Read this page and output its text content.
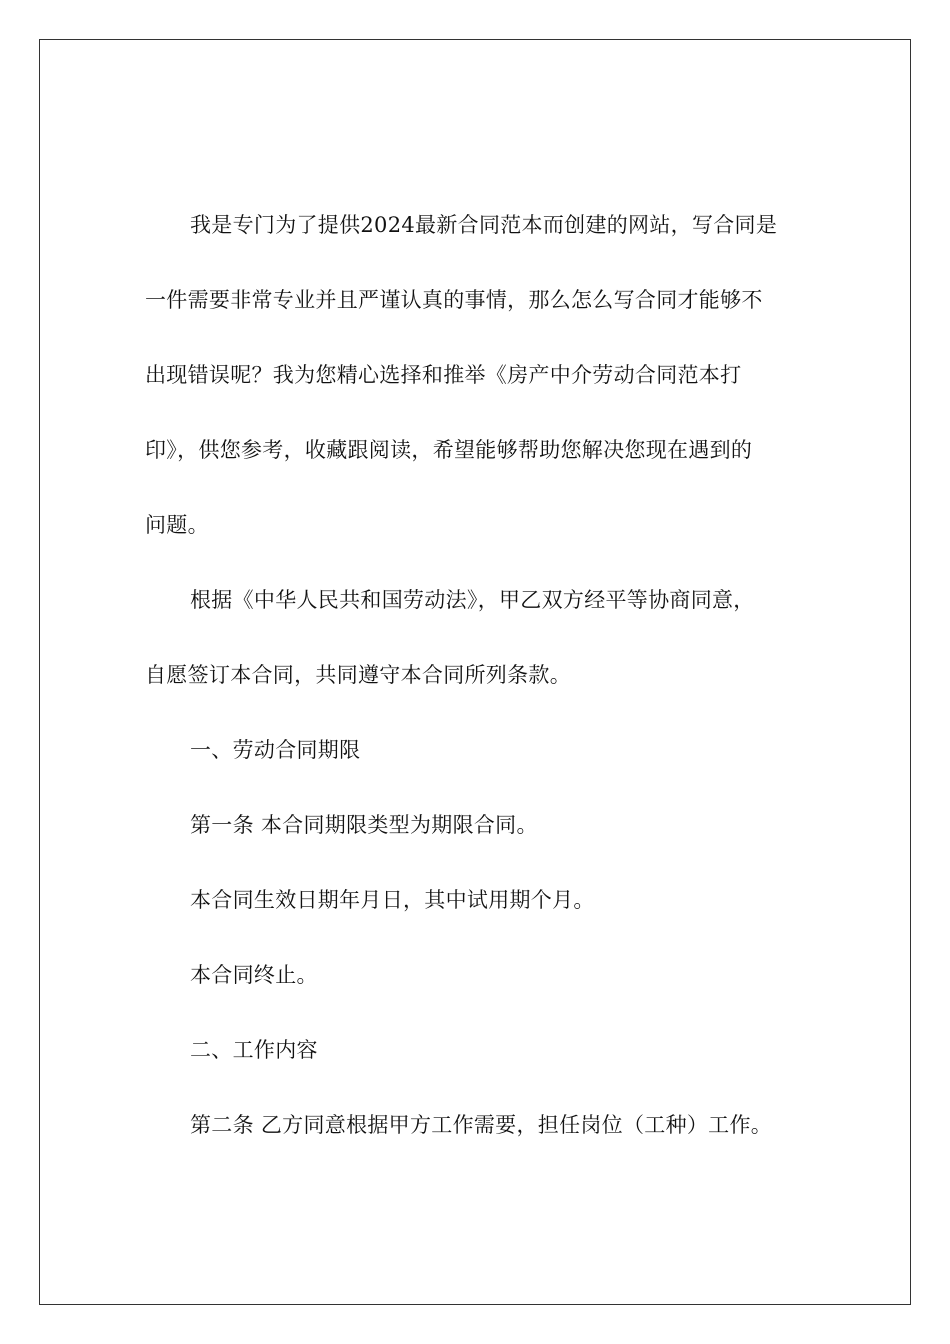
我是专门为了提供2024最新合同范本而创建的网站，写合同是
一件需要非常专业并且严谨认真的事情，那么怎么写合同才能够不
出现错误呢？我为您精心选择和推举《房产中介劳动合同范本打
印》，供您参考，收藏跟阅读，希望能够帮助您解决您现在遇到的
问题。
根据《中华人民共和国劳动法》，甲乙双方经平等协商同意，
自愿签订本合同，共同遵守本合同所列条款。
一、劳动合同期限
第一条 本合同期限类型为期限合同。
本合同生效日期年月日，其中试用期个月。
本合同终止。
二、工作内容
第二条 乙方同意根据甲方工作需要，担任岗位（工种）工作。
